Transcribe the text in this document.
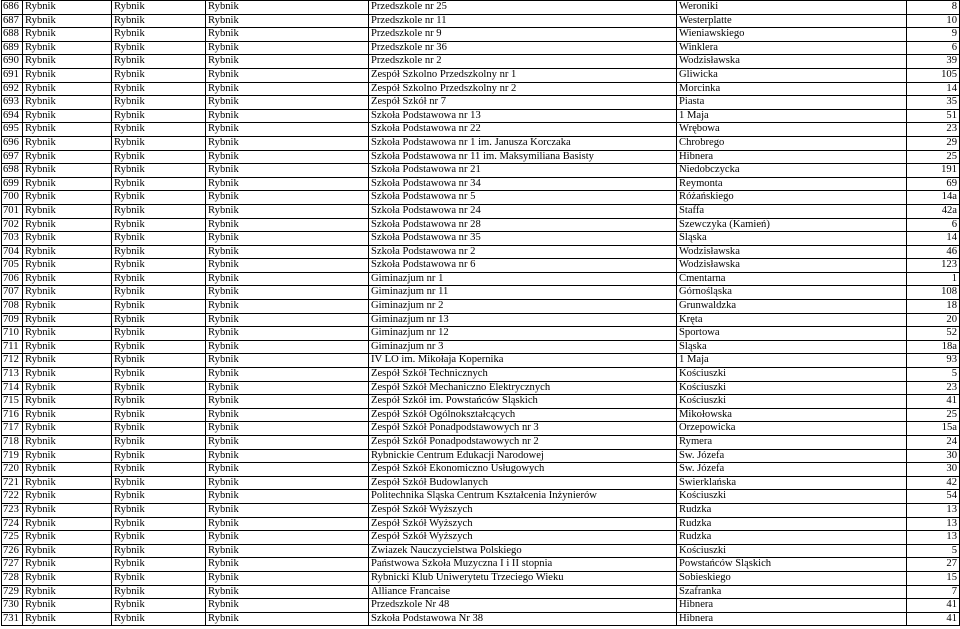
686	Rybnik	Rybnik	Rybnik	Przedszkole nr 25	Weroniki	8
687	Rybnik	Rybnik	Rybnik	Przedszkole nr 11	Westerplatte	10
688	Rybnik	Rybnik	Rybnik	Przedszkole nr 9	Wieniawskiego	9
689	Rybnik	Rybnik	Rybnik	Przedszkole nr 36	Winklera	6
690	Rybnik	Rybnik	Rybnik	Przedszkole nr 2	Wodzisławska	39
691	Rybnik	Rybnik	Rybnik	Zespół Szkolno Przedszkolny nr 1	Gliwicka	105
692	Rybnik	Rybnik	Rybnik	Zespół Szkolno Przedszkolny nr 2	Morcinka	14
693	Rybnik	Rybnik	Rybnik	Zespół Szkół nr 7	Piasta	35
694	Rybnik	Rybnik	Rybnik	Szkoła Podstawowa nr 13	1 Maja	51
695	Rybnik	Rybnik	Rybnik	Szkoła Podstawowa nr 22	Wrębowa	23
696	Rybnik	Rybnik	Rybnik	Szkoła Podstawowa nr 1 im. Janusza Korczaka	Chrobrego	29
697	Rybnik	Rybnik	Rybnik	Szkoła Podstawowa nr 11 im. Maksymiliana Basisty	Hibnera	25
698	Rybnik	Rybnik	Rybnik	Szkoła Podstawowa nr 21	Niedobczycka	191
699	Rybnik	Rybnik	Rybnik	Szkoła Podstawowa nr 34	Reymonta	69
700	Rybnik	Rybnik	Rybnik	Szkoła Podstawowa nr 5	Różańskiego	14a
701	Rybnik	Rybnik	Rybnik	Szkoła Podstawowa nr 24	Staffa	42a
702	Rybnik	Rybnik	Rybnik	Szkoła Podstawowa nr 28	Szewczyka (Kamień)	6
703	Rybnik	Rybnik	Rybnik	Szkoła Podstawowa nr 35	Śląska	14
704	Rybnik	Rybnik	Rybnik	Szkoła Podstawowa nr 2	Wodzisławska	46
705	Rybnik	Rybnik	Rybnik	Szkoła Podstawowa nr 6	Wodzisławska	123
706	Rybnik	Rybnik	Rybnik	Giminazjum nr 1	Cmentarna	1
707	Rybnik	Rybnik	Rybnik	Giminazjum nr 11	Górnośląska	108
708	Rybnik	Rybnik	Rybnik	Giminazjum nr 2	Grunwaldzka	18
709	Rybnik	Rybnik	Rybnik	Giminazjum nr 13	Kręta	20
710	Rybnik	Rybnik	Rybnik	Giminazjum nr 12	Sportowa	52
711	Rybnik	Rybnik	Rybnik	Giminazjum nr 3	Śląska	18a
712	Rybnik	Rybnik	Rybnik	IV LO im. Mikołaja Kopernika	1 Maja	93
713	Rybnik	Rybnik	Rybnik	Zespół Szkół Technicznych	Kościuszki	5
714	Rybnik	Rybnik	Rybnik	Zespół Szkół Mechaniczno Elektrycznych	Kościuszki	23
715	Rybnik	Rybnik	Rybnik	Zespół Szkół im. Powstańców Śląskich	Kościuszki	41
716	Rybnik	Rybnik	Rybnik	Zespół Szkół Ogólnokształcących	Mikołowska	25
717	Rybnik	Rybnik	Rybnik	Zespół Szkół Ponadpodstawowych nr 3	Orzepowicka	15a
718	Rybnik	Rybnik	Rybnik	Zespół Szkół Ponadpodstawowych nr 2	Rymera	24
719	Rybnik	Rybnik	Rybnik	Rybnickie Centrum Edukacji Narodowej	Św. Józefa	30
720	Rybnik	Rybnik	Rybnik	Zespół Szkół Ekonomiczno Usługowych	Św. Józefa	30
721	Rybnik	Rybnik	Rybnik	Zespół Szkół Budowlanych	Świerklańska	42
722	Rybnik	Rybnik	Rybnik	Politechnika Śląska Centrum Kształcenia Inżynierów	Kościuszki	54
723	Rybnik	Rybnik	Rybnik	Zespół Szkół Wyższych	Rudzka	13
724	Rybnik	Rybnik	Rybnik	Zespół Szkół Wyższych	Rudzka	13
725	Rybnik	Rybnik	Rybnik	Zespół Szkół Wyższych	Rudzka	13
726	Rybnik	Rybnik	Rybnik	Zwiazek Nauczycielstwa Polskiego	Kościuszki	5
727	Rybnik	Rybnik	Rybnik	Państwowa Szkoła Muzyczna I i II stopnia	Powstańców Śląskich	27
728	Rybnik	Rybnik	Rybnik	Rybnicki Klub Uniwerytetu Trzeciego Wieku	Sobieskiego	15
729	Rybnik	Rybnik	Rybnik	Alliance Francaise	Szafranka	7
730	Rybnik	Rybnik	Rybnik	Przedszkole Nr 48	Hibnera	41
731	Rybnik	Rybnik	Rybnik	Szkoła Podstawowa Nr 38	Hibnera	41
